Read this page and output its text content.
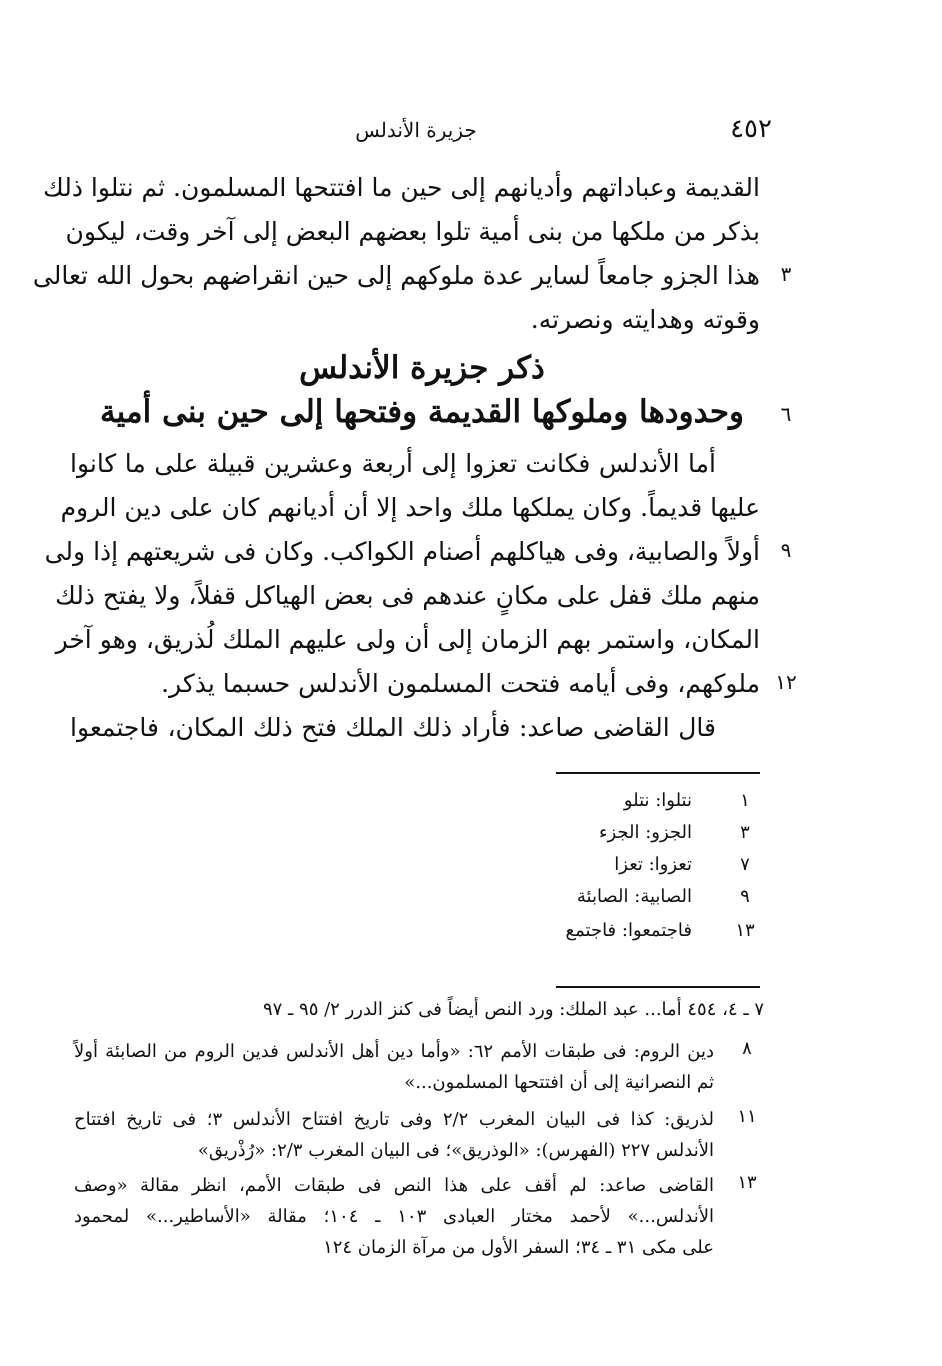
٤٥٢
جزيرة الأندلس
القديمة وعباداتهم وأديانهم إلى حين ما افتتحها المسلمون. ثم نتلوا ذلك
بذكر من ملكها من بنى أمية تلوا بعضهم البعض إلى آخر وقت، ليكون
هذا الجزو جامعاً لساير عدة ملوكهم إلى حين انقراضهم بحول الله تعالى
وقوته وهدايته ونصرته.
ذكر جزيرة الأندلس
وحدودها وملوكها القديمة وفتحها إلى حين بنى أمية
أما الأندلس فكانت تعزوا إلى أربعة وعشرين قبيلة على ما كانوا
عليها قديماً. وكان يملكها ملك واحد إلا أن أديانهم كان على دين الروم
أولاً والصابية، وفى هياكلهم أصنام الكواكب. وكان فى شريعتهم إذا ولى
منهم ملك قفل على مكانٍ عندهم فى بعض الهياكل قفلاً، ولا يفتح ذلك
المكان، واستمر بهم الزمان إلى أن ولى عليهم الملك لُذريق، وهو آخر
ملوكهم، وفى أيامه فتحت المسلمون الأندلس حسبما يذكر.
قال القاضى صاعد: فأراد ذلك الملك فتح ذلك المكان، فاجتمعوا
٣
٦
٩
١٢
١
نتلوا: نتلو
٣
الجزو: الجزء
٧
تعزوا: تعزا
٩
الصابية: الصابئة
١٣
فاجتمعوا: فاجتمع
٧ ـ ٤، ٤٥٤ أما... عبد الملك: ورد النص أيضاً فى كنز الدرر ٢/ ٩٥ ـ ٩٧
٨
دين الروم: فى طبقات الأمم ٦٢: «وأما دين أهل الأندلس فدين الروم من الصابئة أولاً
ثم النصرانية إلى أن افتتحها المسلمون...»
١١
لذريق: كذا فى البيان المغرب ٢/٢ وفى تاريخ افتتاح الأندلس ٣؛ فى تاريخ افتتاح
الأندلس ٢٢٧ (الفهرس): «الوذريق»؛ فى البيان المغرب ٢/٣: «رُذْريق»
١٣
القاضى صاعد: لم أقف على هذا النص فى طبقات الأمم، انظر مقالة «وصف
الأندلس...» لأحمد مختار العبادى ١٠٣ ـ ١٠٤؛ مقالة «الأساطير...» لمحمود
على مكى ٣١ ـ ٣٤؛ السفر الأول من مرآة الزمان ١٢٤
